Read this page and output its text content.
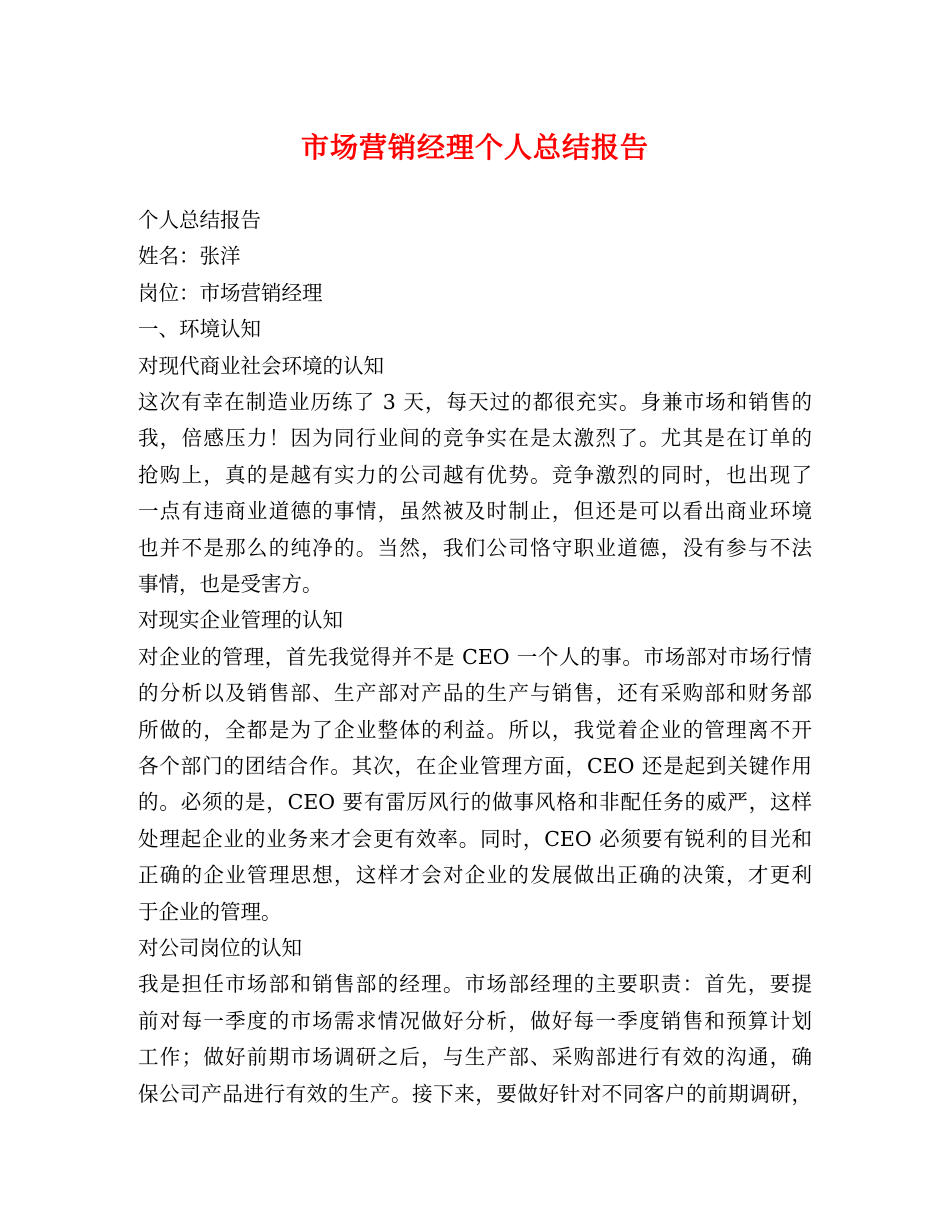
市场营销经理个人总结报告
个人总结报告
姓名：张洋
岗位：市场营销经理
一、环境认知
对现代商业社会环境的认知
这次有幸在制造业历练了 3 天，每天过的都很充实。身兼市场和销售的
我，倍感压力！因为同行业间的竞争实在是太激烈了。尤其是在订单的
抢购上，真的是越有实力的公司越有优势。竞争激烈的同时，也出现了
一点有违商业道德的事情，虽然被及时制止，但还是可以看出商业环境
也并不是那么的纯净的。当然，我们公司恪守职业道德，没有参与不法
事情，也是受害方。
对现实企业管理的认知
对企业的管理，首先我觉得并不是 CEO 一个人的事。市场部对市场行情
的分析以及销售部、生产部对产品的生产与销售，还有采购部和财务部
所做的，全都是为了企业整体的利益。所以，我觉着企业的管理离不开
各个部门的团结合作。其次，在企业管理方面，CEO 还是起到关键作用
的。必须的是，CEO 要有雷厉风行的做事风格和非配任务的威严，这样
处理起企业的业务来才会更有效率。同时，CEO 必须要有锐利的目光和
正确的企业管理思想，这样才会对企业的发展做出正确的决策，才更利
于企业的管理。
对公司岗位的认知
我是担任市场部和销售部的经理。市场部经理的主要职责：首先，要提
前对每一季度的市场需求情况做好分析，做好每一季度销售和预算计划
工作；做好前期市场调研之后，与生产部、采购部进行有效的沟通，确
保公司产品进行有效的生产。接下来，要做好针对不同客户的前期调研，
